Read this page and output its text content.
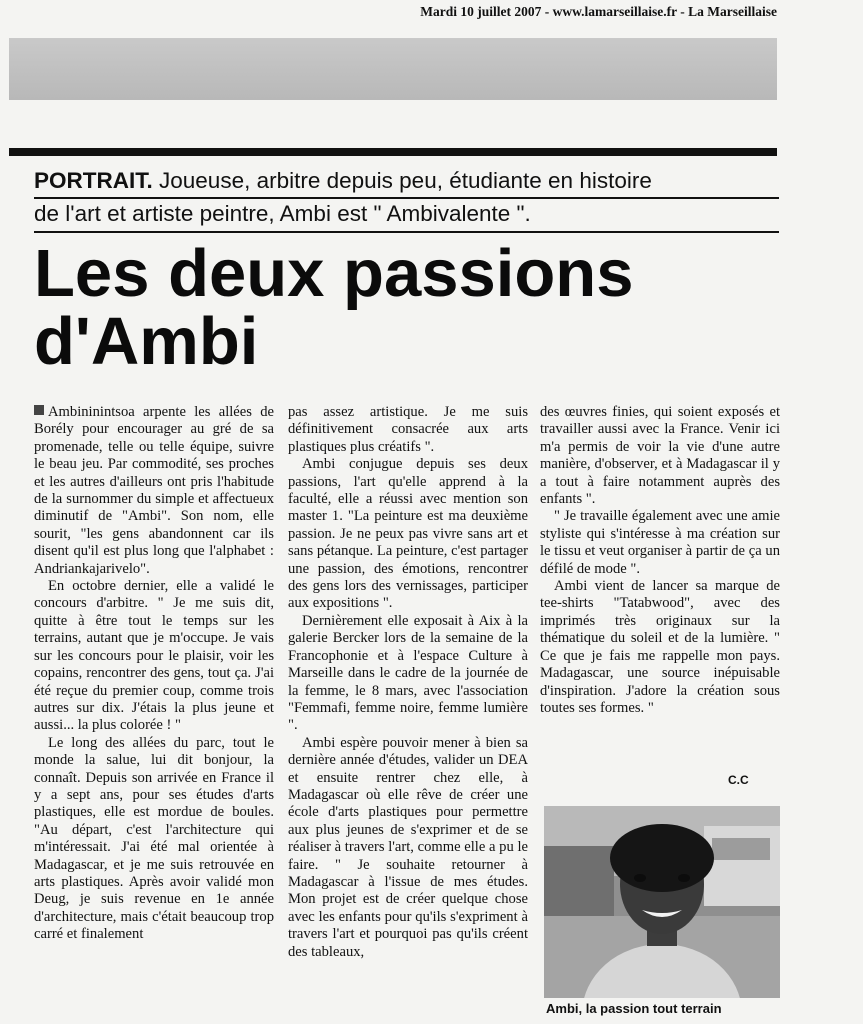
Mardi 10 juillet 2007 - www.lamarseillaise.fr - La Marseillaise
PORTRAIT. Joueuse, arbitre depuis peu, étudiante en histoire
de l'art et artiste peintre, Ambi est " Ambivalente ".
Les deux passions
d'Ambi

Ambininintsoa arpente les allées de Borély pour encourager au gré de sa promenade, telle ou telle équipe, suivre le beau jeu. Par commodité, ses proches et les autres d'ailleurs ont pris l'habitude de la surnommer du simple et affectueux diminutif de "Ambi". Son nom, elle sourit, "les gens abandonnent car ils disent qu'il est plus long que l'alphabet : Andriankajarivelo".

En octobre dernier, elle a validé le concours d'arbitre. " Je me suis dit, quitte à être tout le temps sur les terrains, autant que je m'occupe. Je vais sur les concours pour le plaisir, voir les copains, rencontrer des gens, tout ça. J'ai été reçue du premier coup, comme trois autres sur dix. J'étais la plus jeune et aussi... la plus colorée ! "

Le long des allées du parc, tout le monde la salue, lui dit bonjour, la connaît. Depuis son arrivée en France il y a sept ans, pour ses études d'arts plastiques, elle est mordue de boules. "Au départ, c'est l'architecture qui m'intéressait. J'ai été mal orientée à Madagascar, et je me suis retrouvée en arts plastiques. Après avoir validé mon Deug, je suis revenue en 1e année d'architecture, mais c'était beaucoup trop carré et finalement

pas assez artistique. Je me suis définitivement consacrée aux arts plastiques plus créatifs ".

Ambi conjugue depuis ses deux passions, l'art qu'elle apprend à la faculté, elle a réussi avec mention son master 1. "La peinture est ma deuxième passion. Je ne peux pas vivre sans art et sans pétanque. La peinture, c'est partager une passion, des émotions, rencontrer des gens lors des vernissages, participer aux expositions ".

Dernièrement elle exposait à Aix à la galerie Bercker lors de la semaine de la Francophonie et à l'espace Culture à Marseille dans le cadre de la journée de la femme, le 8 mars, avec l'association "Femmafi, femme noire, femme lumière ".

Ambi espère pouvoir mener à bien sa dernière année d'études, valider un DEA et ensuite rentrer chez elle, à Madagascar où elle rêve de créer une école d'arts plastiques pour permettre aux plus jeunes de s'exprimer et de se réaliser à travers l'art, comme elle a pu le faire. " Je souhaite retourner à Madagascar à l'issue de mes études. Mon projet est de créer quelque chose avec les enfants pour qu'ils s'expriment à travers l'art et pourquoi pas qu'ils créent des tableaux,

des œuvres finies, qui soient exposés et travailler aussi avec la France. Venir ici m'a permis de voir la vie d'une autre manière, d'observer, et à Madagascar il y a tout à faire notamment auprès des enfants ".

" Je travaille également avec une amie styliste qui s'intéresse à ma création sur le tissu et veut organiser à partir de ça un défilé de mode ".

Ambi vient de lancer sa marque de tee-shirts "Tatabwood", avec des imprimés très originaux sur la thématique du soleil et de la lumière. " Ce que je fais me rappelle mon pays. Madagascar, une source inépuisable d'inspiration. J'adore la création sous toutes ses formes. "

C.C
Ambi, la passion tout terrain
